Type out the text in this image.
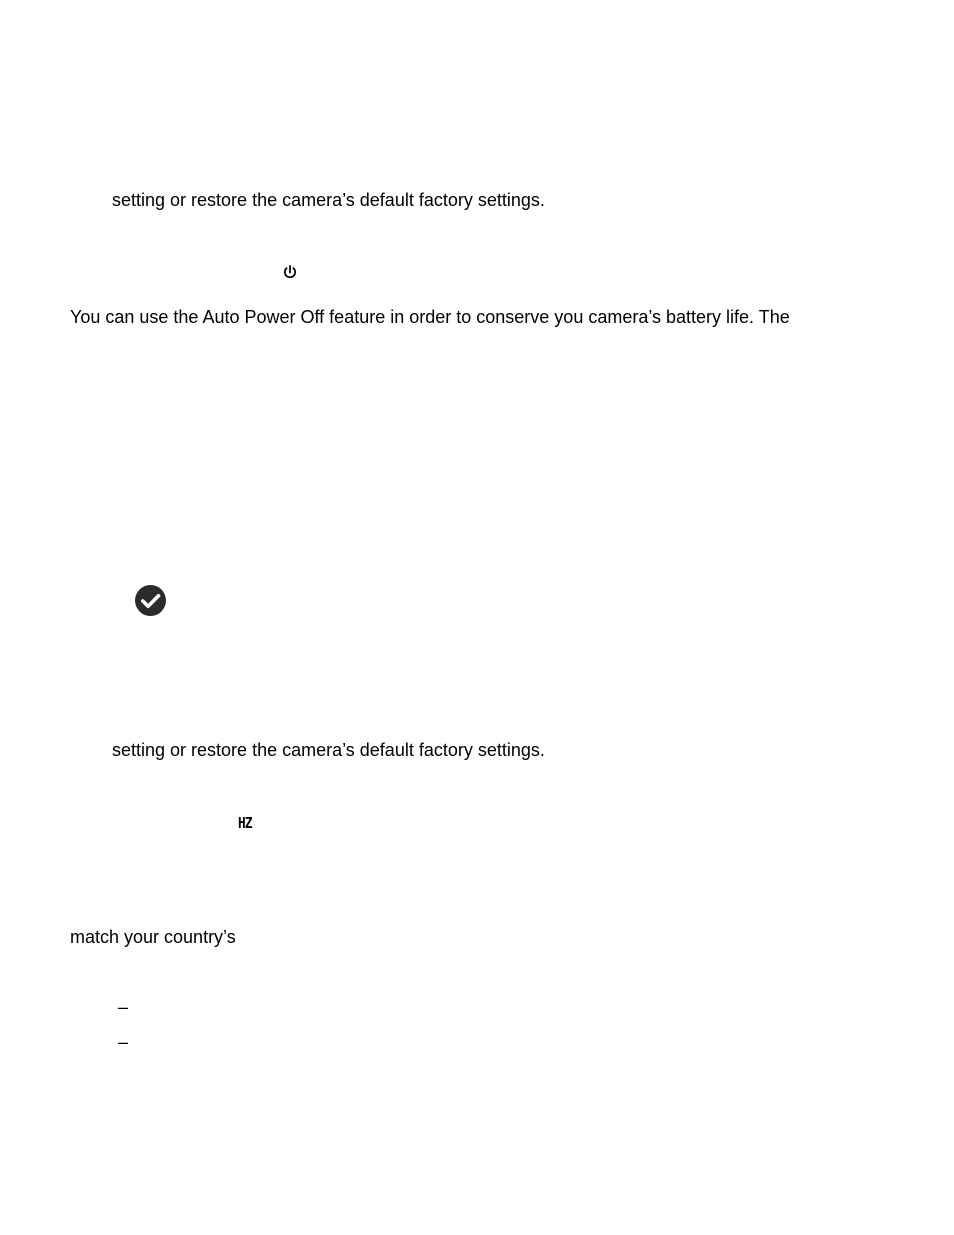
setting or restore the camera’s default factory settings.
You can use the Auto Power Off feature in order to conserve you camera’s battery life. The
setting or restore the camera’s default factory settings.
HZ
match your country’s
–
–
